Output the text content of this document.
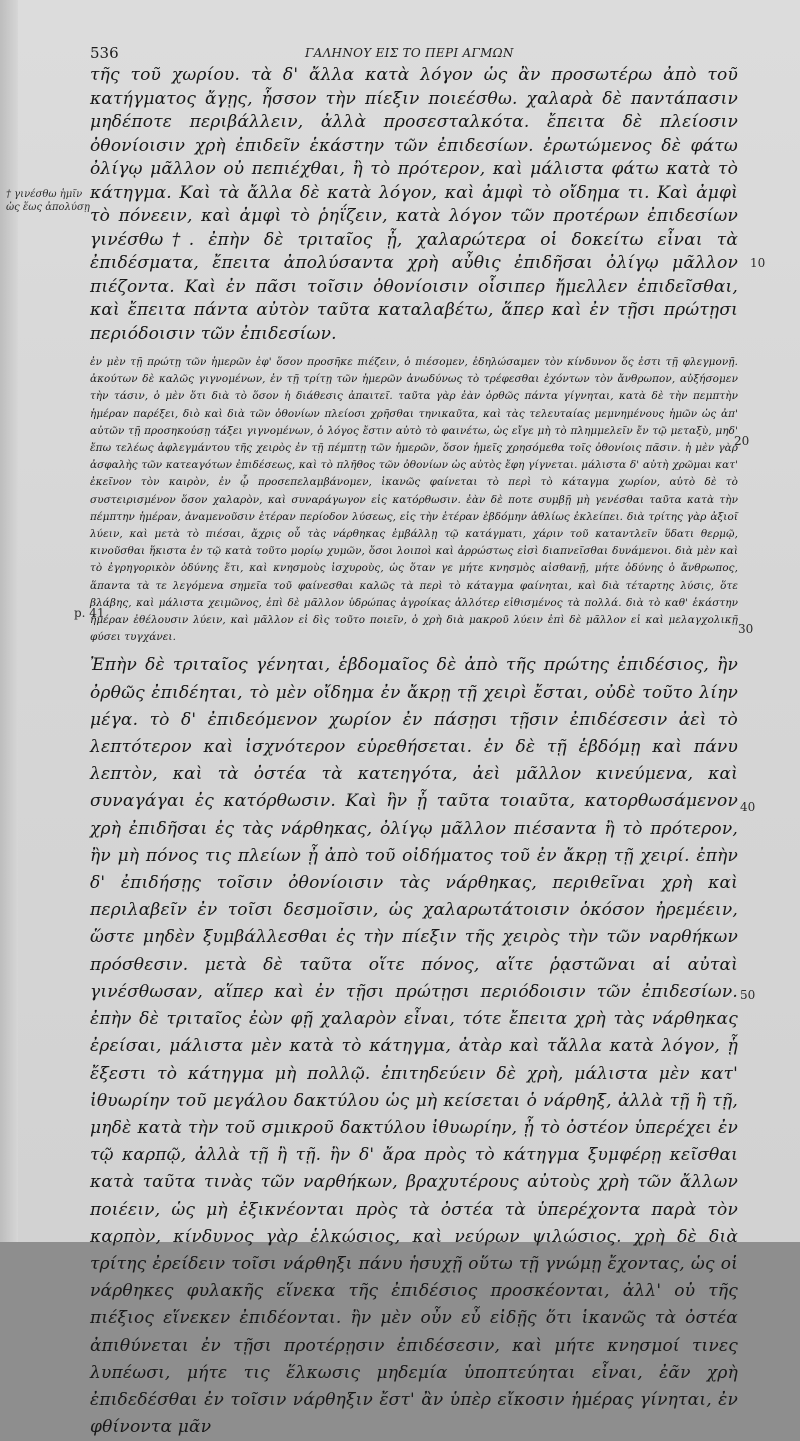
536	ΓΑΛΗΝΟΥ ΕΙΣ ΤΟ ΠΕΡΙ ΑΓΜΩΝ
† γινέσθω ἡμῖν ὡς ἕως ἀπολύσῃ
10
20
30
40
50
p. 41

τῆς τοῦ χωρίου. τὰ δ' ἄλλα κατὰ λόγον ὡς ἂν προσωτέρω ἀπὸ τοῦ κατήγματος ἄγῃς, ἧσσον τὴν πίεξιν ποιεέσθω. χαλαρὰ δὲ παντάπασιν μηδέποτε περιβάλλειν, ἀλλὰ προσεσταλκότα. ἔπειτα δὲ πλείοσιν ὀθονίοισιν χρὴ ἐπιδεῖν ἑκάστην τῶν ἐπιδεσίων. ἐρωτώμενος δὲ φάτω ὀλίγῳ μᾶλλον οὐ πεπιέχθαι, ἢ τὸ πρότερον, καὶ μάλιστα φάτω κατὰ τὸ κάτηγμα. Καὶ τὰ ἄλλα δὲ κατὰ λόγον, καὶ ἀμφὶ τὸ οἴδημα τι. Καὶ ἀμφὶ τὸ πόνεειν, καὶ ἀμφὶ τὸ ῥηΐζειν, κατὰ λόγον τῶν προτέρων ἐπιδεσίων γινέσθω†. ἐπὴν δὲ τριταῖος ᾖ, χαλαρώτερα οἱ δοκείτω εἶναι τὰ ἐπιδέσματα, ἔπειτα ἀπολύσαντα χρὴ αὖθις ἐπιδῆσαι ὀλίγῳ μᾶλλον πιέζοντα. Καὶ ἐν πᾶσι τοῖσιν ὀθονίοισιν οἷσιπερ ἤμελλεν ἐπιδεῖσθαι, καὶ ἔπειτα πάντα αὐτὸν ταῦτα καταλαβέτω, ἅπερ καὶ ἐν τῇσι πρώτῃσι περιόδοισιν τῶν ἐπιδεσίων.

ἐν μὲν τῇ πρώτῃ τῶν ἡμερῶν ἐφ' ὅσον προσῆκε πιέζειν, ὁ πιέσομεν, ἐδηλώσαμεν τὸν κίνδυνον ὅς ἐστι τῇ φλεγμονῇ. ἀκούτων δὲ καλῶς γιγνομένων, ἐν τῇ τρίτῃ τῶν ἡμερῶν ἀνωδύνως τὸ τρέφεσθαι ἐχόντων τὸν ἄνθρωπον, αὐξήσομεν τὴν τάσιν, ὁ μὲν ὅτι διὰ τὸ ὅσον ἡ διάθεσις ἀπαιτεῖ. ταῦτα γὰρ ἐὰν ὀρθῶς πάντα γίγνηται, κατὰ δὲ τὴν πεμπτὴν ἡμέραν παρέξει, διὸ καὶ διὰ τῶν ὀθονίων πλείοσι χρῆσθαι τηνικαῦτα, καὶ τὰς τελευταίας μεμνημένους ἡμῶν ὡς ἀπ' αὐτῶν τῇ προσηκούσῃ τάξει γιγνομένων, ὁ λόγος ἔστιν αὐτὸ τὸ φαινέτω, ὡς εἴγε μὴ τὸ πλημμελεῖν ἔν τῷ μεταξὺ, μηδ' ἔπω τελέως ἀφλεγμάντου τῆς χειρὸς ἐν τῇ πέμπτῃ τῶν ἡμερῶν, ὅσον ἡμεῖς χρησόμεθα τοῖς ὀθονίοις πᾶσιν. ἡ μὲν γὰρ ἀσφαλὴς τῶν κατεαγότων ἐπιδέσεως, καὶ τὸ πλῆθος τῶν ὀθονίων ὡς αὐτὸς ἔφη γίγνεται. μάλιστα δ' αὐτὴ χρῶμαι κατ' ἐκεῖνον τὸν καιρὸν, ἐν ᾧ προσεπελαμβάνομεν, ἱκανῶς φαίνεται τὸ περὶ τὸ κάταγμα χωρίον, αὐτὸ δὲ τὸ συστειρισμένον ὅσον χαλαρὸν, καὶ συναράγωγον εἰς κατόρθωσιν. ἐὰν δὲ ποτε συμβῇ μὴ γενέσθαι ταῦτα κατὰ τὴν πέμπτην ἡμέραν, ἀναμενοῦσιν ἑτέραν περίοδον λύσεως, εἰς τὴν ἑτέραν ἑβδόμην ἀθλίως ἐκλείπει. διὰ τρίτης γὰρ ἀξιοῖ λύειν, καὶ μετὰ τὸ πιέσαι, ἄχρις οὗ τὰς νάρθηκας ἐμβάλλῃ τῷ κατάγματι, χάριν τοῦ καταντλεῖν ὕδατι θερμῷ, κινοῦσθαι ἥκιστα ἐν τῷ κατὰ τοῦτο μορίῳ χυμῶν, ὅσοι λοιποὶ καὶ ἀρρώστως εἰσὶ διαπνεῖσθαι δυνάμενοι. διὰ μὲν καὶ τὸ ἐγρηγορικὸν ὀδύνης ἔτι, καὶ κνησμοὺς ἰσχυροὺς, ὡς ὅταν γε μήτε κνησμὸς αἰσθανῇ, μήτε ὀδύνης ὁ ἄνθρωπος, ἅπαντα τὰ τε λεγόμενα σημεῖα τοῦ φαίνεσθαι καλῶς τὰ περὶ τὸ κάταγμα φαίνηται, καὶ διὰ τέταρτης λύσις, ὅτε βλάβης, καὶ μάλιστα χειμῶνος, ἐπὶ δὲ μᾶλλον ὑδρώπας ἀγροίκας ἀλλότερ εἰθισμένος τὰ πολλά. διὰ τὸ καθ' ἑκάστην ἡμέραν ἐθέλουσιν λύειν, καὶ μᾶλλον εἰ δὶς τοῦτο ποιεῖν, ὁ χρὴ διὰ μακροῦ λύειν ἐπὶ δὲ μᾶλλον εἰ καὶ μελαγχολικῇ φύσει τυγχάνει.

Ἐπὴν δὲ τριταῖος γένηται, ἑβδομαῖος δὲ ἀπὸ τῆς πρώτης ἐπιδέσιος, ἢν ὀρθῶς ἐπιδέηται, τὸ μὲν οἴδημα ἐν ἄκρῃ τῇ χειρὶ ἔσται, οὐδὲ τοῦτο λίην μέγα. τὸ δ' ἐπιδεόμενον χωρίον ἐν πάσῃσι τῇσιν ἐπιδέσεσιν ἀεὶ τὸ λεπτότερον καὶ ἰσχνότερον εὑρεθήσεται. ἐν δὲ τῇ ἑβδόμῃ καὶ πάνυ λεπτὸν, καὶ τὰ ὀστέα τὰ κατεηγότα, ἀεὶ μᾶλλον κινεύμενα, καὶ συναγάγαι ἐς κατόρθωσιν. Καὶ ἢν ᾖ ταῦτα τοιαῦτα, κατορθωσάμενον χρὴ ἐπιδῆσαι ἐς τὰς νάρθηκας, ὀλίγῳ μᾶλλον πιέσαντα ἢ τὸ πρότερον, ἢν μὴ πόνος τις πλείων ᾖ ἀπὸ τοῦ οἰδήματος τοῦ ἐν ἄκρῃ τῇ χειρί. ἐπὴν δ' ἐπιδήσῃς τοῖσιν ὀθονίοισιν τὰς νάρθηκας, περιθεῖναι χρὴ καὶ περιλαβεῖν ἐν τοῖσι δεσμοῖσιν, ὡς χαλαρωτάτοισιν ὁκόσον ἠρεμέειν, ὥστε μηδὲν ξυμβάλλεσθαι ἐς τὴν πίεξιν τῆς χειρὸς τὴν τῶν ναρθήκων πρόσθεσιν. μετὰ δὲ ταῦτα οἵτε πόνος, αἵτε ῥᾳστῶναι αἱ αὐταὶ γινέσθωσαν, αἵπερ καὶ ἐν τῇσι πρώτῃσι περιόδοισιν τῶν ἐπιδεσίων. ἐπὴν δὲ τριταῖος ἐὼν φῇ χαλαρὸν εἶναι, τότε ἔπειτα χρὴ τὰς νάρθηκας ἐρείσαι, μάλιστα μὲν κατὰ τὸ κάτηγμα, ἀτὰρ καὶ τἄλλα κατὰ λόγον, ᾗ ἔξεστι τὸ κάτηγμα μὴ πολλῷ. ἐπιτηδεύειν δὲ χρὴ, μάλιστα μὲν κατ' ἰθυωρίην τοῦ μεγάλου δακτύλου ὡς μὴ κείσεται ὁ νάρθηξ, ἀλλὰ τῇ ἢ τῇ, μηδὲ κατὰ τὴν τοῦ σμικροῦ δακτύλου ἰθυωρίην, ᾗ τὸ ὀστέον ὑπερέχει ἐν τῷ καρπῷ, ἀλλὰ τῇ ἢ τῇ. ἢν δ' ἄρα πρὸς τὸ κάτηγμα ξυμφέρῃ κεῖσθαι κατὰ ταῦτα τινὰς τῶν ναρθήκων, βραχυτέρους αὐτοὺς χρὴ τῶν ἄλλων ποιέειν, ὡς μὴ ἐξικνέονται πρὸς τὰ ὀστέα τὰ ὑπερέχοντα παρὰ τὸν καρπὸν, κίνδυνος γὰρ ἑλκώσιος, καὶ νεύρων ψιλώσιος. χρὴ δὲ διὰ τρίτης ἐρείδειν τοῖσι νάρθηξι πάνυ ἡσυχῇ οὕτω τῇ γνώμῃ ἔχοντας, ὡς οἱ νάρθηκες φυλακῆς εἵνεκα τῆς ἐπιδέσιος προσκέονται, ἀλλ' οὐ τῆς πιέξιος εἵνεκεν ἐπιδέονται. ἢν μὲν οὖν εὖ εἰδῇς ὅτι ἱκανῶς τὰ ὀστέα ἀπιθύνεται ἐν τῇσι προτέρῃσιν ἐπιδέσεσιν, καὶ μήτε κνησμοί τινες λυπέωσι, μήτε τις ἕλκωσις μηδεμία ὑποπτεύηται εἶναι, ἐᾶν χρὴ ἐπιδεδέσθαι ἐν τοῖσιν νάρθηξιν ἔστ' ἂν ὑπὲρ εἴκοσιν ἡμέρας γίνηται, ἐν φθίνοντα μᾶν
